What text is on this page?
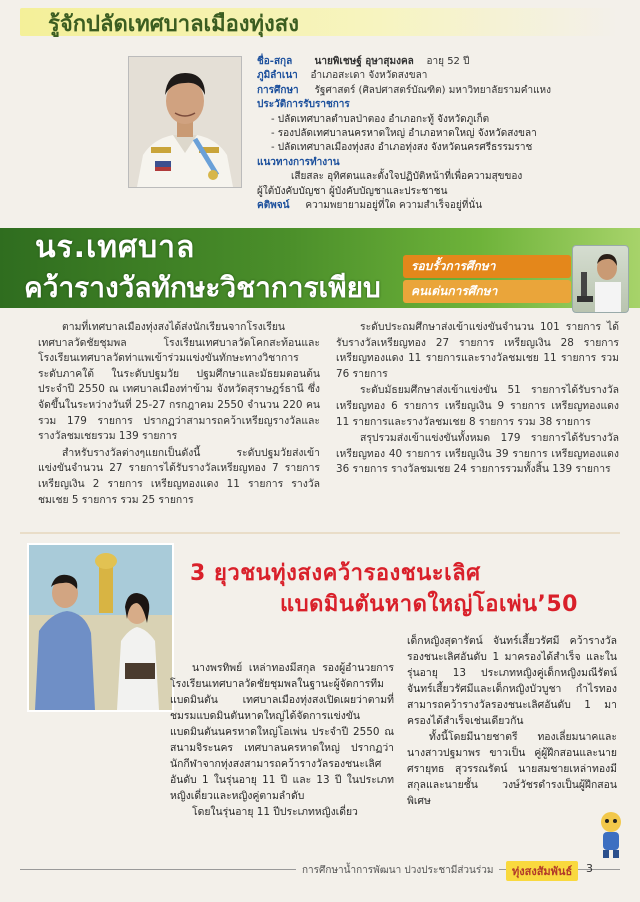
รู้จักปลัดเทศบาลเมืองทุ่งสง
ชื่อ-สกุล นายพิเชษฐ์ อุษาสุมงคล อายุ 52 ปี
ภูมิลำเนา อำเภอสะเดา จังหวัดสงขลา
การศึกษา รัฐศาสตร์ (ศิลปศาสตร์บัณฑิต) มหาวิทยาลัยรามคำแหง
ประวัติการรับราชการ
- ปลัดเทศบาลตำบลป่าตอง อำเภอกะทู้ จังหวัดภูเก็ต
- รองปลัดเทศบาลนครหาดใหญ่ อำเภอหาดใหญ่ จังหวัดสงขลา
- ปลัดเทศบาลเมืองทุ่งสง อำเภอทุ่งสง จังหวัดนครศรีธรรมราช
แนวทางการทำงาน
เสียสละ อุทิศตนและตั้งใจปฏิบัติหน้าที่เพื่อความสุขของ
ผู้ใต้บังคับบัญชา ผู้บังคับบัญชาและประชาชน
คติพจน์ ความพยายามอยู่ที่ใด ความสำเร็จอยู่ที่นั่น
นร.เทศบาล
คว้ารางวัลทักษะวิชาการเพียบ
รอบรั้วการศึกษา
คนเด่นการศึกษา

ตามที่เทศบาลเมืองทุ่งสงได้ส่งนักเรียนจากโรงเรียนเทศบาลวัดชัยชุมพล โรงเรียนเทศบาลวัดโคกสะท้อนและโรงเรียนเทศบาลวัดท่าแพเข้าร่วมแข่งขันทักษะทางวิชาการระดับภาคใต้ ในระดับปฐมวัย ปฐมศึกษาและมัธยมตอนต้น ประจำปี 2550 ณ เทศบาลเมืองท่าข้าม จังหวัดสุราษฎร์ธานี ซึ่งจัดขึ้นในระหว่างวันที่ 25-27 กรกฎาคม 2550 จำนวน 220 คน รวม 179 รายการ ปรากฏว่าสามารถคว้าเหรียญรางวัลและรางวัลชมเชยรวม 139 รายการ

สำหรับรางวัลต่างๆแยกเป็นดังนี้ ระดับปฐมวัยส่งเข้าแข่งขันจำนวน 27 รายการได้รับรางวัลเหรียญทอง 7 รายการ เหรียญเงิน 2 รายการ เหรียญทองแดง 11 รายการ รางวัลชมเชย 5 รายการ รวม 25 รายการ

ระดับประถมศึกษาส่งเข้าแข่งขันจำนวน 101 รายการ ได้รับรางวัลเหรียญทอง 27 รายการ เหรียญเงิน 28 รายการ เหรียญทองแดง 11 รายการและรางวัลชมเชย 11 รายการ รวม 76 รายการ

ระดับมัธยมศึกษาส่งเข้าแข่งขัน 51 รายการได้รับรางวัลเหรียญทอง 6 รายการ เหรียญเงิน 9 รายการ เหรียญทองแดง 11 รายการและรางวัลชมเชย 8 รายการ รวม 38 รายการ

สรุปรวมส่งเข้าแข่งขันทั้งหมด 179 รายการได้รับรางวัลเหรียญทอง 40 รายการ เหรียญเงิน 39 รายการ เหรียญทองแดง 36 รายการ รางวัลชมเชย 24 รายการรวมทั้งสิ้น 139 รายการ

3 ยุวชนทุ่งสงคว้ารองชนะเลิศ
แบดมินตันหาดใหญ่โอเพ่น’50

นางพรทิพย์ เหล่าทองมีสกุล รองผู้อำนวยการโรงเรียนเทศบาลวัดชัยชุมพลในฐานะผู้จัดการทีมแบดมินตัน เทศบาลเมืองทุ่งสงเปิดเผยว่าตามที่ชมรมแบดมินตันหาดใหญ่ได้จัดการแข่งขันแบดมินตันนครหาดใหญ่โอเพ่น ประจำปี 2550 ณ สนามจิระนคร เทศบาลนครหาดใหญ่ ปรากฏว่านักกีฬาจากทุ่งสงสามารถคว้ารางวัลรองชนะเลิศอันดับ 1 ในรุ่นอายุ 11 ปี และ 13 ปี ในประเภทหญิงเดี่ยวและหญิงคู่ตามลำดับ

โดยในรุ่นอายุ 11 ปีประเภทหญิงเดี่ยว

เด็กหญิงสุดารัตน์ จันทร์เสี้ยวรัศมี คว้ารางวัลรองชนะเลิศอันดับ 1 มาครองได้สำเร็จ และในรุ่นอายุ 13 ประเภทหญิงคู่เด็กหญิงมณีรัตน์ จันทร์เสี้ยวรัศมีและเด็กหญิงบัวบูชา กำไรทอง สามารถคว้ารางวัลรองชนะเลิศอันดับ 1 มาครองได้สำเร็จเช่นเดียวกัน

ทั้งนี้โดยมีนายชาตรี ทองเลี่ยมนาคและนางสาวปฐมาพร ขาวเป็น คู่ผู้ฝึกสอนและนายศรายุทธ สุวรรณรัตน์ นายสมชายเหล่าทองมีสกุลและนายชั้น วงษ์วัชรดำรงเป็นผู้ฝึกสอนพิเศษ

การศึกษาน้ำการพัฒนา ปวงประชามีส่วนร่วม	ทุ่งสงสัมพันธ์	3
